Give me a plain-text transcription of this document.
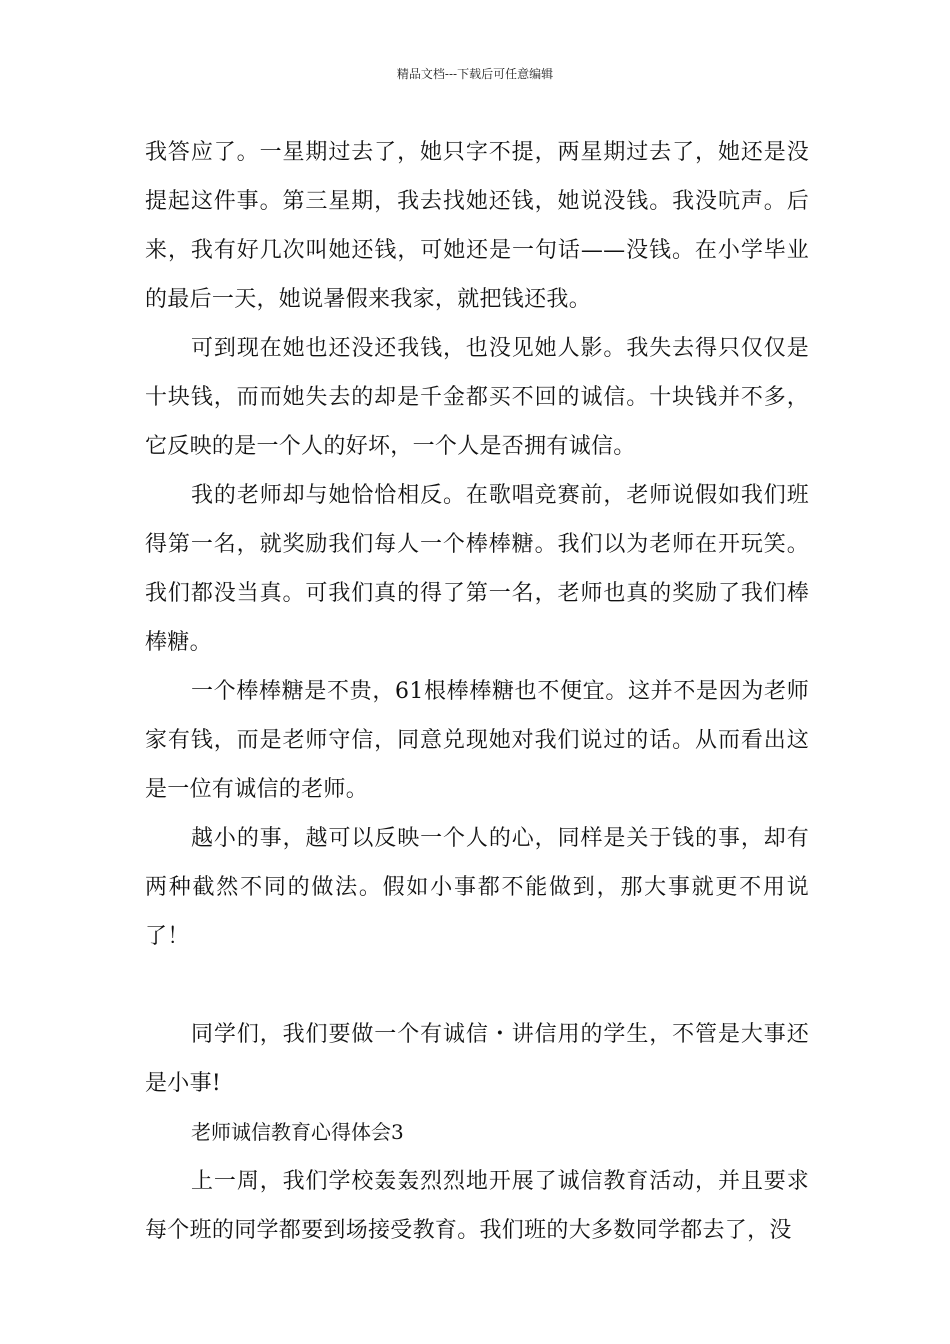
精品文档---下载后可任意编辑

我答应了。一星期过去了，她只字不提，两星期过去了，她还是没提起这件事。第三星期，我去找她还钱，她说没钱。我没吭声。后来，我有好几次叫她还钱，可她还是一句话——没钱。在小学毕业的最后一天，她说暑假来我家，就把钱还我。

可到现在她也还没还我钱，也没见她人影。我失去得只仅仅是十块钱，而而她失去的却是千金都买不回的诚信。十块钱并不多，它反映的是一个人的好坏，一个人是否拥有诚信。

我的老师却与她恰恰相反。在歌唱竞赛前，老师说假如我们班得第一名，就奖励我们每人一个棒棒糖。我们以为老师在开玩笑。我们都没当真。可我们真的得了第一名，老师也真的奖励了我们棒棒糖。

一个棒棒糖是不贵，61根棒棒糖也不便宜。这并不是因为老师家有钱，而是老师守信，同意兑现她对我们说过的话。从而看出这是一位有诚信的老师。

越小的事，越可以反映一个人的心，同样是关于钱的事，却有两种截然不同的做法。假如小事都不能做到，那大事就更不用说了！

同学们，我们要做一个有诚信・讲信用的学生，不管是大事还是小事!

老师诚信教育心得体会3

上一周，我们学校轰轰烈烈地开展了诚信教育活动，并且要求每个班的同学都要到场接受教育。我们班的大多数同学都去了，没
